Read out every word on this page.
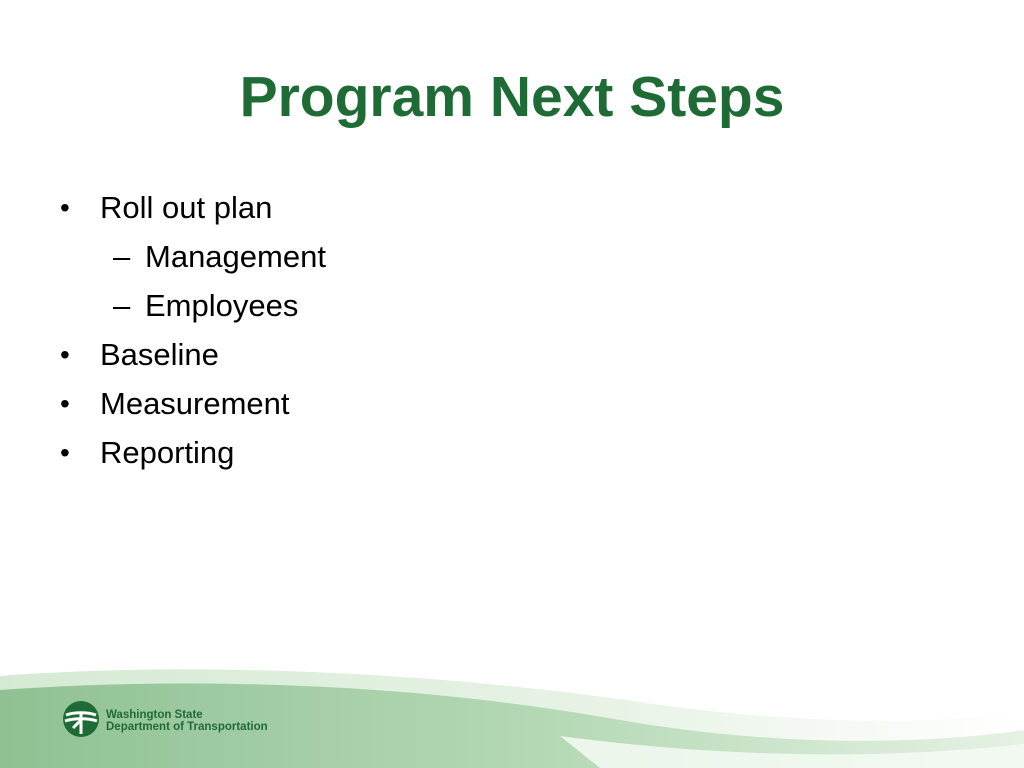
Program Next Steps
• Roll out plan
– Management
– Employees
• Baseline
• Measurement
• Reporting
Washington State
Department of Transportation
